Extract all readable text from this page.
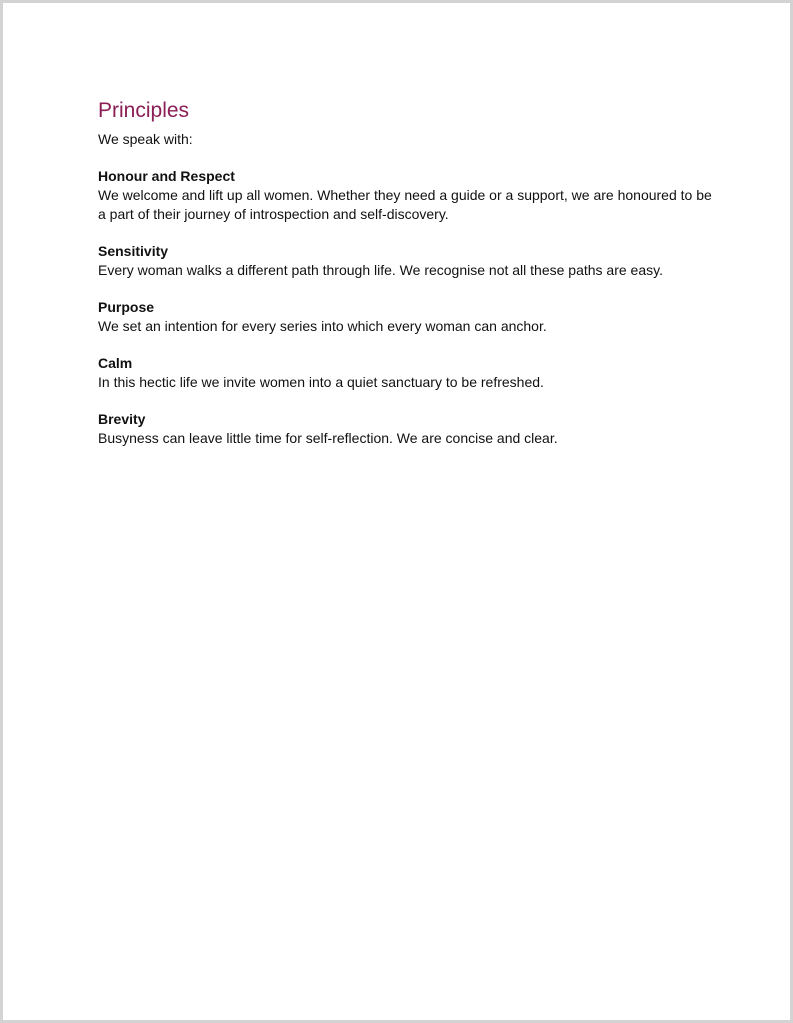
Principles

We speak with:

Honour and Respect

We welcome and lift up all women. Whether they need a guide or a support, we are honoured to be a part of their journey of introspection and self-discovery.

Sensitivity

Every woman walks a different path through life. We recognise not all these paths are easy.

Purpose

We set an intention for every series into which every woman can anchor.

Calm

In this hectic life we invite women into a quiet sanctuary to be refreshed.

Brevity

Busyness can leave little time for self-reflection. We are concise and clear.
